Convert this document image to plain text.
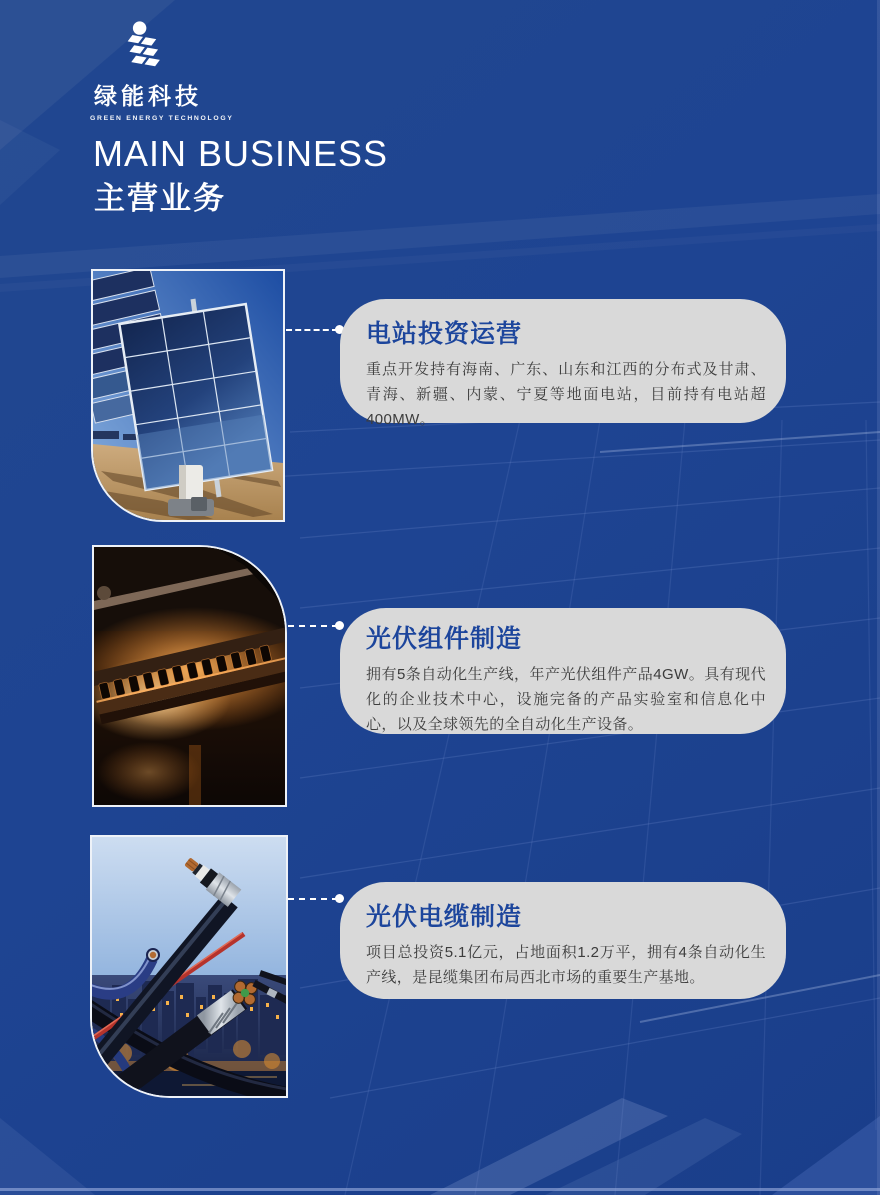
绿能科技
GREEN ENERGY TECHNOLOGY
MAIN BUSINESS
主营业务
电站投资运营

重点开发持有海南、广东、山东和江西的分布式及甘肃、青海、新疆、内蒙、宁夏等地面电站，目前持有电站超400MW。

光伏组件制造

拥有5条自动化生产线，年产光伏组件产品4GW。具有现代化的企业技术中心，设施完备的产品实验室和信息化中心，以及全球领先的全自动化生产设备。

光伏电缆制造

项目总投资5.1亿元，占地面积1.2万平，拥有4条自动化生产线，是昆缆集团布局西北市场的重要生产基地。
